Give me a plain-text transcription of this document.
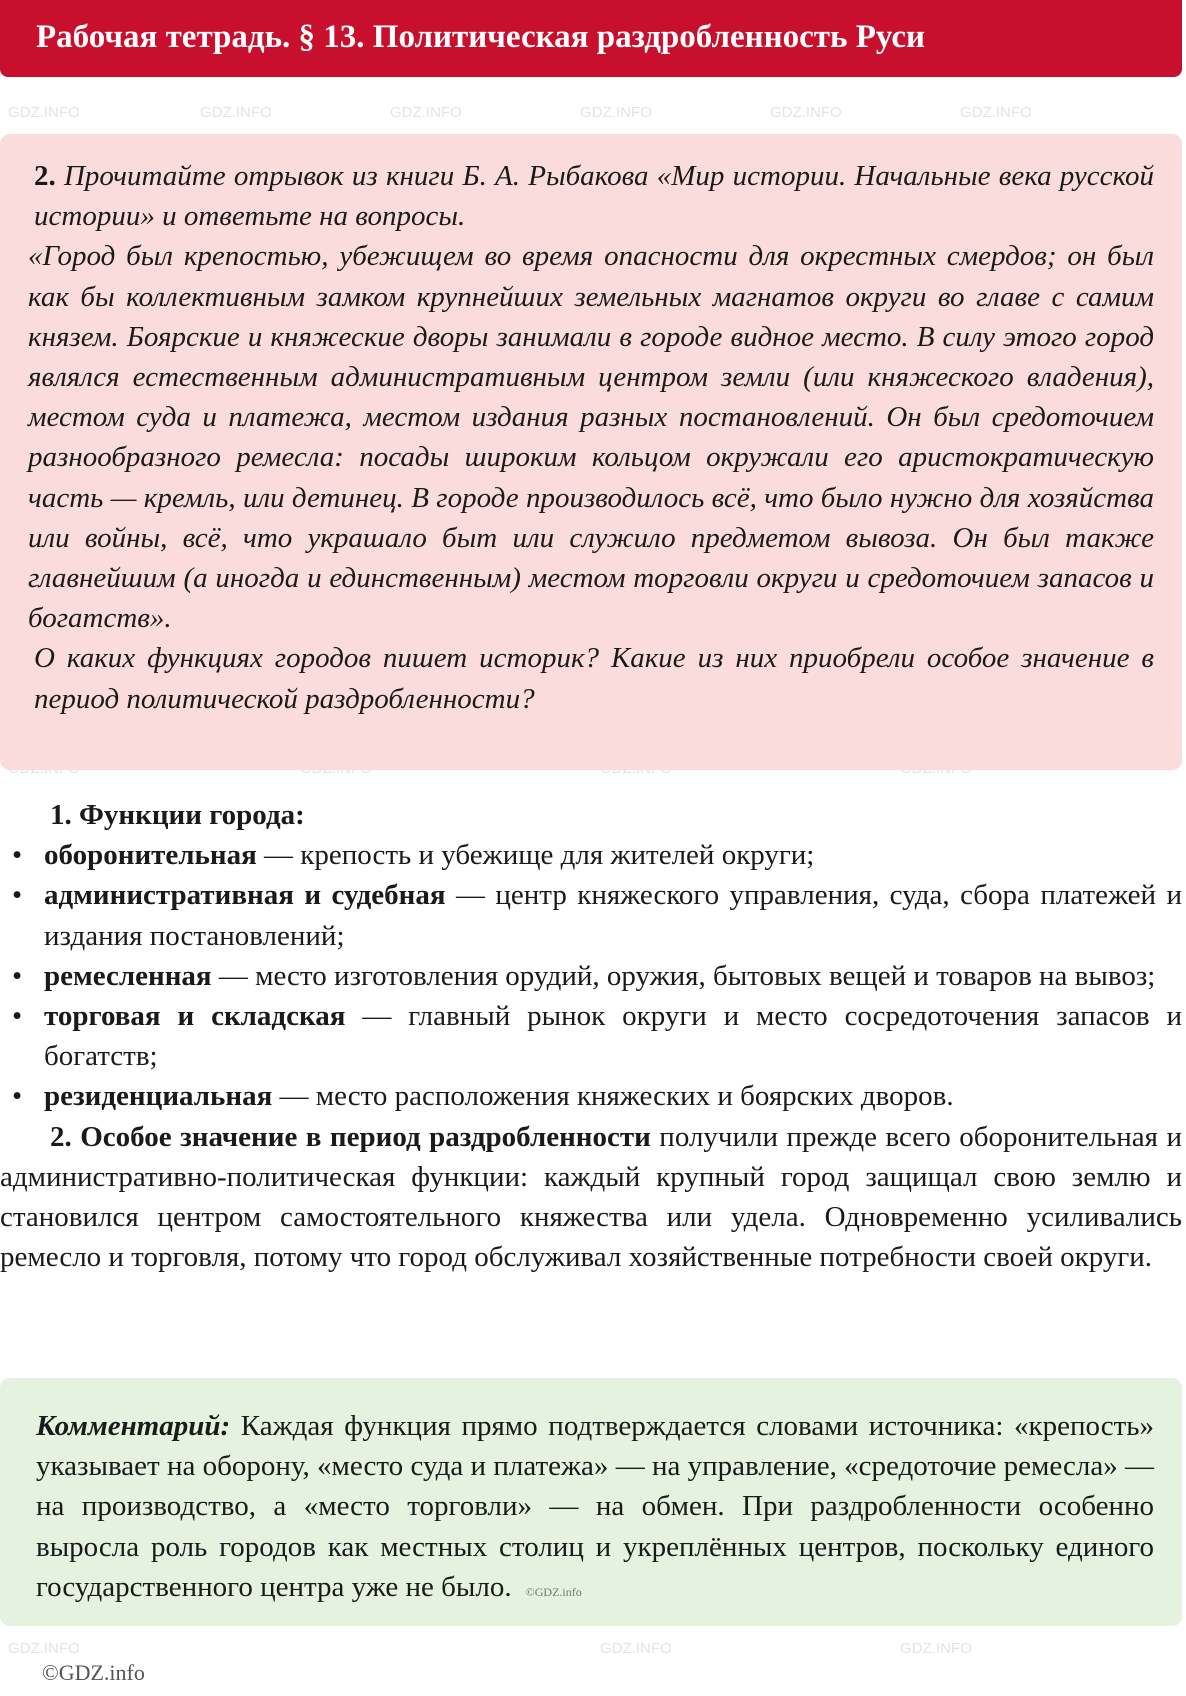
GDZ.INFO	GDZ.INFO	GDZ.INFO	GDZ.INFO	GDZ.INFO	GDZ.INFO
GDZ.INFO	GDZ.INFO	GDZ.INFO
Рабочая тетрадь. § 13. Политическая раздробленность Руси

2. Прочитайте отрывок из книги Б. А. Рыбакова «Мир истории. Начальные века русской истории» и ответьте на вопросы.

«Город был крепостью, убежищем во время опасности для окрестных смердов; он был как бы коллективным замком крупнейших земельных магнатов округи во главе с самим князем. Боярские и княжеские дворы занимали в городе видное место. В силу этого город являлся естественным административным центром земли (или княжеского владения), местом суда и платежа, местом издания разных постановлений. Он был средоточием разнообразного ремесла: посады широким кольцом окружали его аристократическую часть — кремль, или детинец. В городе производилось всё, что было нужно для хозяйства или войны, всё, что украшало быт или служило предметом вывоза. Он был также главнейшим (а иногда и единственным) местом торговли округи и средоточием запасов и богатств».

О каких функциях городов пишет историк? Какие из них приобрели особое значение в период политической раздробленности?

1. Функции города:
• оборонительная — крепость и убежище для жителей округи;
• административная и судебная — центр княжеского управления, суда, сбора платежей и издания постановлений;
• ремесленная — место изготовления орудий, оружия, бытовых вещей и товаров на вывоз;
• торговая и складская — главный рынок округи и место сосредоточения запасов и богатств;
• резиденциальная — место расположения княжеских и боярских дворов.

2. Особое значение в период раздробленности получили прежде всего оборонительная и административно-политическая функции: каждый крупный город защищал свою землю и становился центром самостоятельного княжества или удела. Одновременно усиливались ремесло и торговля, потому что город обслуживал хозяйственные потребности своей округи.

Комментарий: Каждая функция прямо подтверждается словами источника: «крепость» указывает на оборону, «место суда и платежа» — на управление, «средоточие ремесла» — на производство, а «место торговли» — на обмен. При раздробленности особенно выросла роль городов как местных столиц и укреплённых центров, поскольку единого государственного центра уже не было. ©GDZ.info

©GDZ.info
